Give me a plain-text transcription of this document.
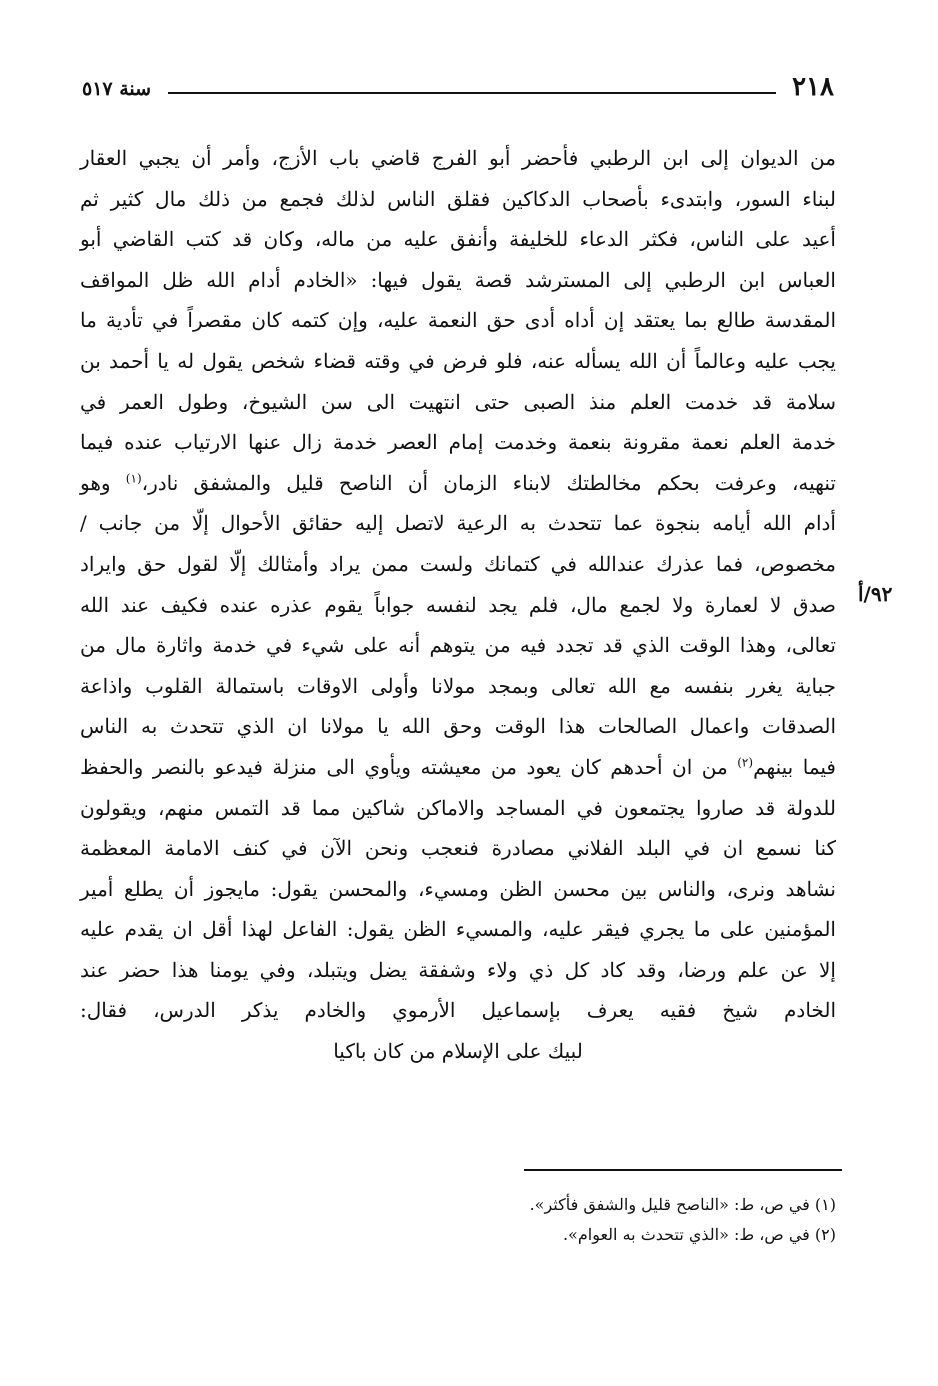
٢١٨
سنة ٥١٧
٩٢/أ
من الديوان إلى ابن الرطبي فأحضر أبو الفرج قاضي باب الأزج، وأمر أن يجبي العقار
لبناء السور، وابتدىء بأصحاب الدكاكين فقلق الناس لذلك فجمع من ذلك مال كثير ثم
أعيد على الناس، فكثر الدعاء للخليفة وأنفق عليه من ماله، وكان قد كتب القاضي أبو
العباس ابن الرطبي إلى المسترشد قصة يقول فيها: «الخادم أدام الله ظل المواقف
المقدسة طالع بما يعتقد إن أداه أدى حق النعمة عليه، وإن كتمه كان مقصراً في تأدية ما
يجب عليه وعالماً أن الله يسأله عنه، فلو فرض في وقته قضاء شخص يقول له يا أحمد بن
سلامة قد خدمت العلم منذ الصبى حتى انتهيت الى سن الشيوخ، وطول العمر في
خدمة العلم نعمة مقرونة بنعمة وخدمت إمام العصر خدمة زال عنها الارتياب عنده فيما
تنهيه، وعرفت بحكم مخالطتك لابناء الزمان أن الناصح قليل والمشفق نادر،$^{(١)}$ وهو
أدام الله أيامه بنجوة عما تتحدث به الرعية لاتصل إليه حقائق الأحوال إلّا من جانب /
مخصوص، فما عذرك عندالله في كتمانك ولست ممن يراد وأمثالك إلّا لقول حق وايراد
صدق لا لعمارة ولا لجمع مال، فلم يجد لنفسه جواباً يقوم عذره عنده فكيف عند الله
تعالى، وهذا الوقت الذي قد تجدد فيه من يتوهم أنه على شيء في خدمة واثارة مال من
جباية يغرر بنفسه مع الله تعالى وبمجد مولانا وأولى الاوقات باستمالة القلوب واذاعة
الصدقات واعمال الصالحات هذا الوقت وحق الله يا مولانا ان الذي تتحدث به الناس
فيما بينهم$^{(٢)}$ من ان أحدهم كان يعود من معيشته ويأوي الى منزلة فيدعو بالنصر والحفظ
للدولة قد صاروا يجتمعون في المساجد والاماكن شاكين مما قد التمس منهم، ويقولون
كنا نسمع ان في البلد الفلاني مصادرة فنعجب ونحن الآن في كنف الامامة المعظمة
نشاهد ونرى، والناس بين محسن الظن ومسيء، والمحسن يقول: مايجوز أن يطلع أمير
المؤمنين على ما يجري فيقر عليه، والمسيء الظن يقول: الفاعل لهذا أقل ان يقدم عليه
إلا عن علم ورضا، وقد كاد كل ذي ولاء وشفقة يضل ويتبلد، وفي يومنا هذا حضر عند
الخادم شيخ فقيه يعرف بإسماعيل الأرموي والخادم يذكر الدرس، فقال:
لبيك على الإسلام من كان باكيا
(١) في ص، ط: «الناصح قليل والشفق فأكثر».
(٢) في ص، ط: «الذي تتحدث به العوام».
